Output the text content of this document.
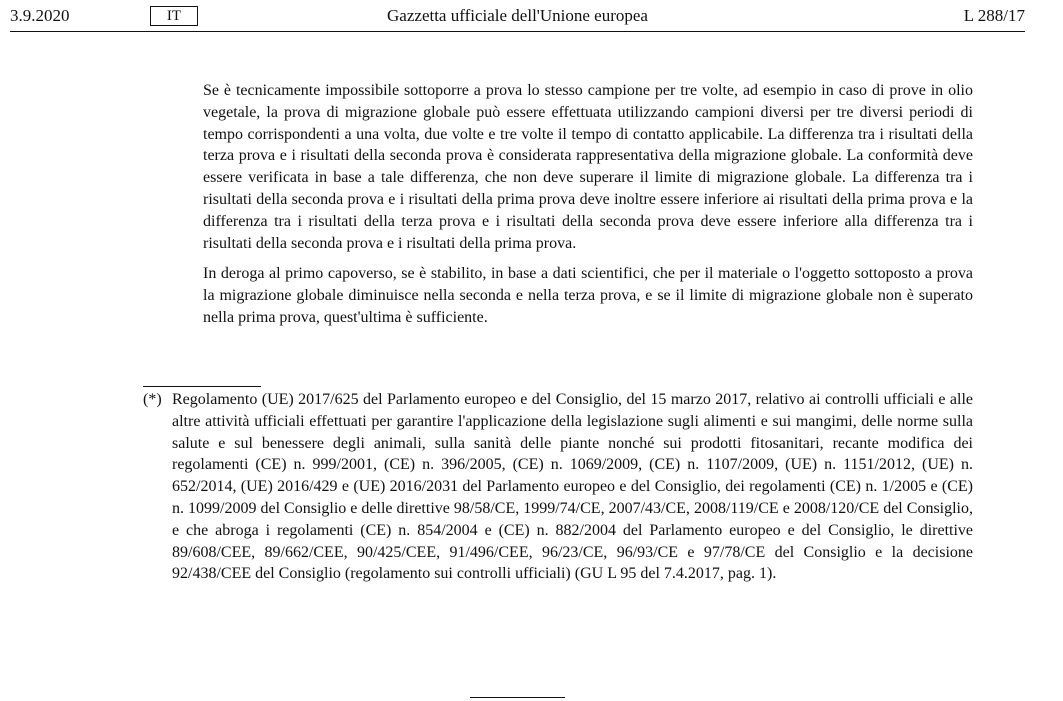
3.9.2020	IT	Gazzetta ufficiale dell'Unione europea	L 288/17

Se è tecnicamente impossibile sottoporre a prova lo stesso campione per tre volte, ad esempio in caso di prove in olio vegetale, la prova di migrazione globale può essere effettuata utilizzando campioni diversi per tre diversi periodi di tempo corrispondenti a una volta, due volte e tre volte il tempo di contatto applicabile. La differenza tra i risultati della terza prova e i risultati della seconda prova è considerata rappresentativa della migrazione globale. La conformità deve essere verificata in base a tale differenza, che non deve superare il limite di migrazione globale. La differenza tra i risultati della seconda prova e i risultati della prima prova deve inoltre essere inferiore ai risultati della prima prova e la differenza tra i risultati della terza prova e i risultati della seconda prova deve essere inferiore alla differenza tra i risultati della seconda prova e i risultati della prima prova.

In deroga al primo capoverso, se è stabilito, in base a dati scientifici, che per il materiale o l'oggetto sottoposto a prova la migrazione globale diminuisce nella seconda e nella terza prova, e se il limite di migrazione globale non è superato nella prima prova, quest'ultima è sufficiente.

(*) Regolamento (UE) 2017/625 del Parlamento europeo e del Consiglio, del 15 marzo 2017, relativo ai controlli ufficiali e alle altre attività ufficiali effettuati per garantire l'applicazione della legislazione sugli alimenti e sui mangimi, delle norme sulla salute e sul benessere degli animali, sulla sanità delle piante nonché sui prodotti fitosanitari, recante modifica dei regolamenti (CE) n. 999/2001, (CE) n. 396/2005, (CE) n. 1069/2009, (CE) n. 1107/2009, (UE) n. 1151/2012, (UE) n. 652/2014, (UE) 2016/429 e (UE) 2016/2031 del Parlamento europeo e del Consiglio, dei regolamenti (CE) n. 1/2005 e (CE) n. 1099/2009 del Consiglio e delle direttive 98/58/CE, 1999/74/CE, 2007/43/CE, 2008/119/CE e 2008/120/CE del Consiglio, e che abroga i regolamenti (CE) n. 854/2004 e (CE) n. 882/2004 del Parlamento europeo e del Consiglio, le direttive 89/608/CEE, 89/662/CEE, 90/425/CEE, 91/496/CEE, 96/23/CE, 96/93/CE e 97/78/CE del Consiglio e la decisione 92/438/CEE del Consiglio (regolamento sui controlli ufficiali) (GU L 95 del 7.4.2017, pag. 1).
